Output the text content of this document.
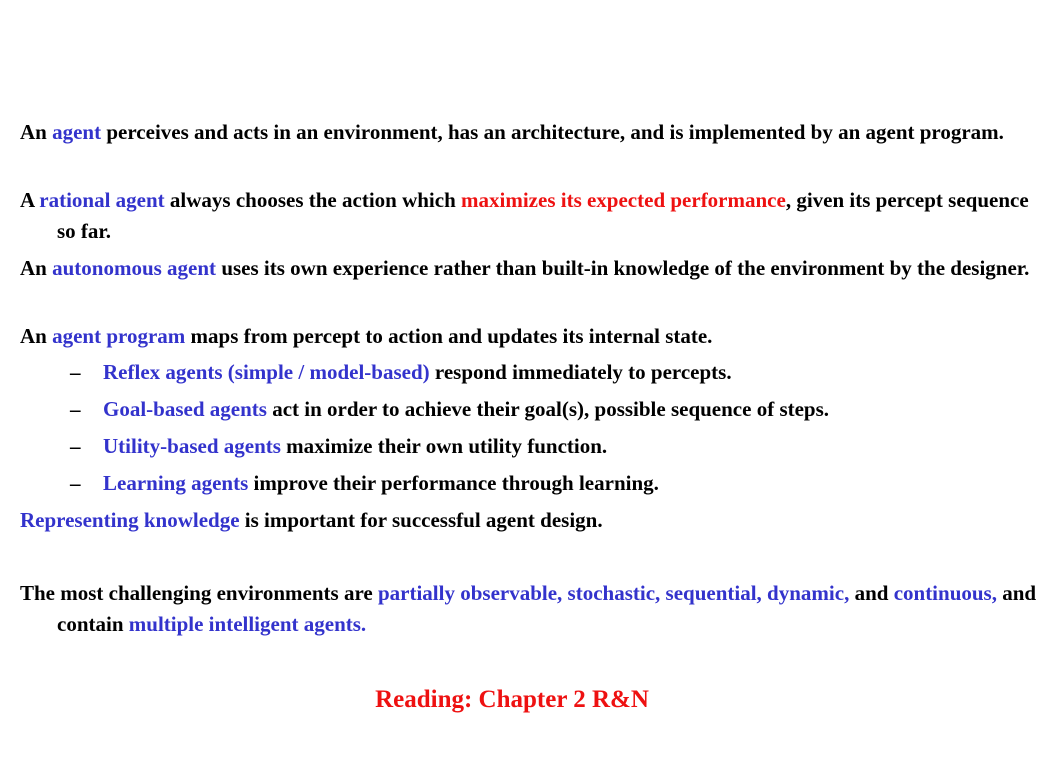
An agent perceives and acts in an environment, has an architecture, and is implemented by an agent program.
A rational agent always chooses the action which maximizes its expected performance, given its percept sequence so far.
An autonomous agent uses its own experience rather than built-in knowledge of the environment by the designer.
An agent program maps from percept to action and updates its internal state.
– Reflex agents (simple / model-based) respond immediately to percepts.
– Goal-based agents act in order to achieve their goal(s), possible sequence of steps.
– Utility-based agents maximize their own utility function.
– Learning agents improve their performance through learning.
Representing knowledge is important for successful agent design.
The most challenging environments are partially observable, stochastic, sequential, dynamic, and continuous, and contain multiple intelligent agents.
Reading: Chapter 2 R&N
